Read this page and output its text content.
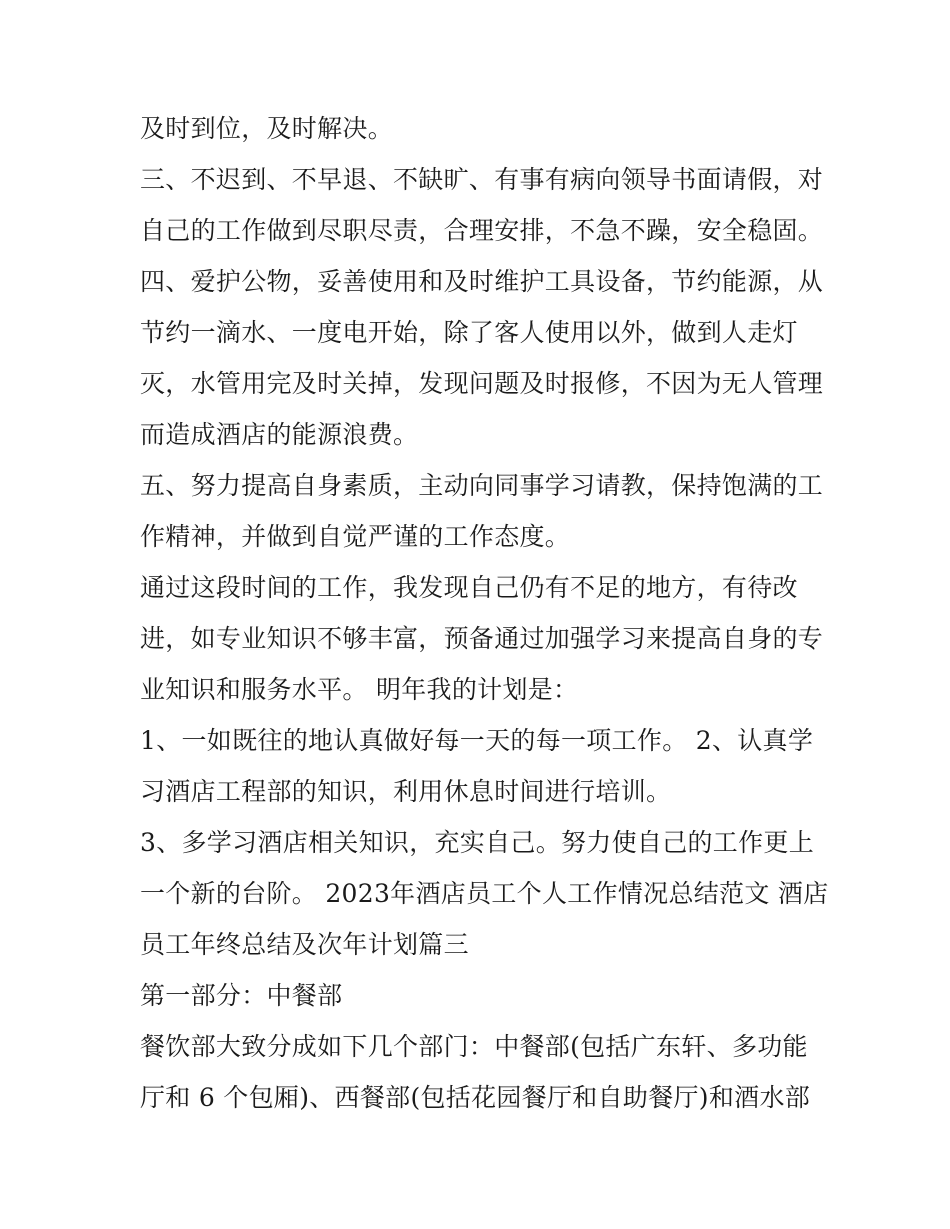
及时到位，及时解决。
三、不迟到、不早退、不缺旷、有事有病向领导书面请假，对
自己的工作做到尽职尽责，合理安排，不急不躁，安全稳固。
四、爱护公物，妥善使用和及时维护工具设备，节约能源，从
节约一滴水、一度电开始，除了客人使用以外，做到人走灯
灭，水管用完及时关掉，发现问题及时报修，不因为无人管理
而造成酒店的能源浪费。
五、努力提高自身素质，主动向同事学习请教，保持饱满的工
作精神，并做到自觉严谨的工作态度。
通过这段时间的工作，我发现自己仍有不足的地方，有待改
进，如专业知识不够丰富，预备通过加强学习来提高自身的专
业知识和服务水平。 明年我的计划是：
1、一如既往的地认真做好每一天的每一项工作。 2、认真学
习酒店工程部的知识，利用休息时间进行培训。
3、多学习酒店相关知识，充实自己。努力使自己的工作更上
一个新的台阶。 2023年酒店员工个人工作情况总结范文 酒店
员工年终总结及次年计划篇三
第一部分：中餐部
餐饮部大致分成如下几个部门：中餐部(包括广东轩、多功能
厅和 6 个包厢)、西餐部(包括花园餐厅和自助餐厅)和酒水部
